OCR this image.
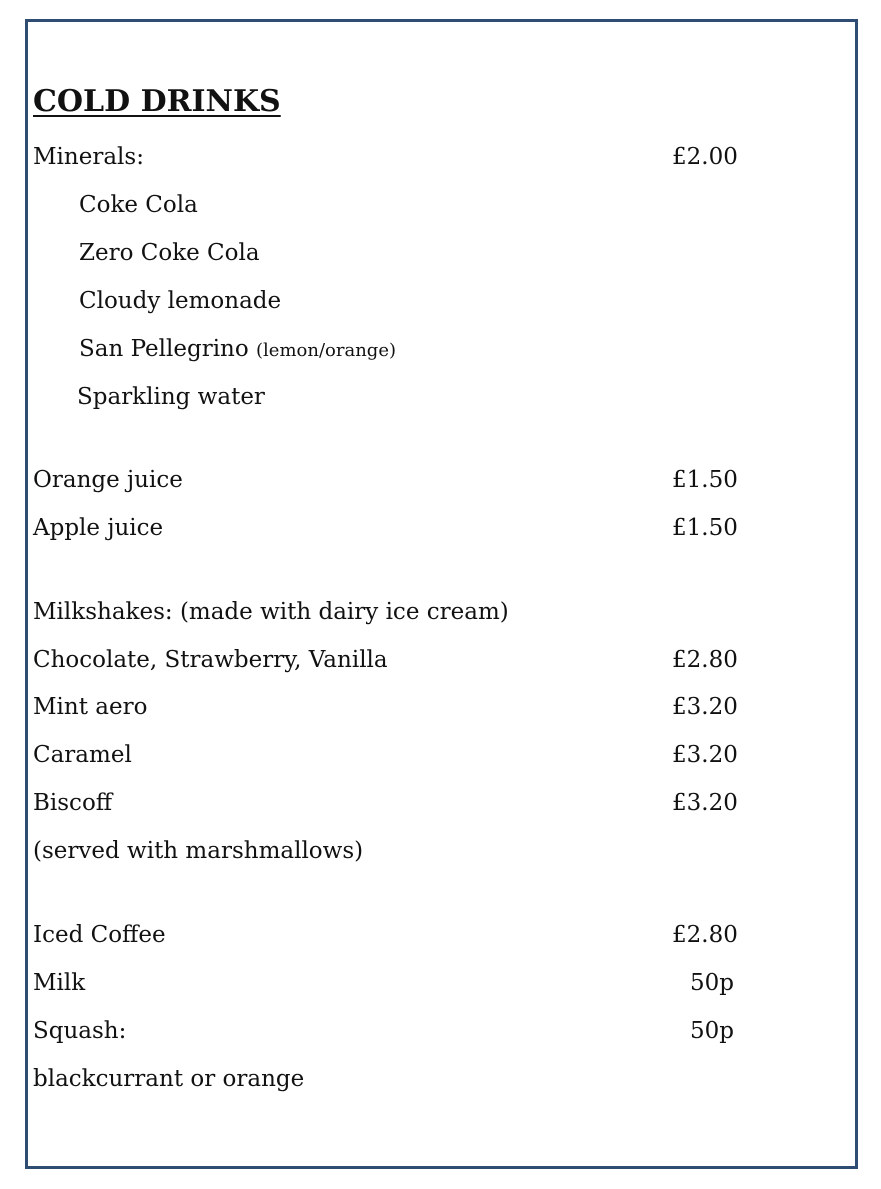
COLD DRINKS
Minerals:	£2.00
Coke Cola
Zero Coke Cola
Cloudy lemonade
San Pellegrino (lemon/orange)
Sparkling water
Orange juice	£1.50
Apple juice	£1.50
Milkshakes: (made with dairy ice cream)
Chocolate, Strawberry, Vanilla	£2.80
Mint aero	£3.20
Caramel	£3.20
Biscoff	£3.20
(served with marshmallows)
Iced Coffee	£2.80
Milk	50p
Squash:	50p
blackcurrant or orange
